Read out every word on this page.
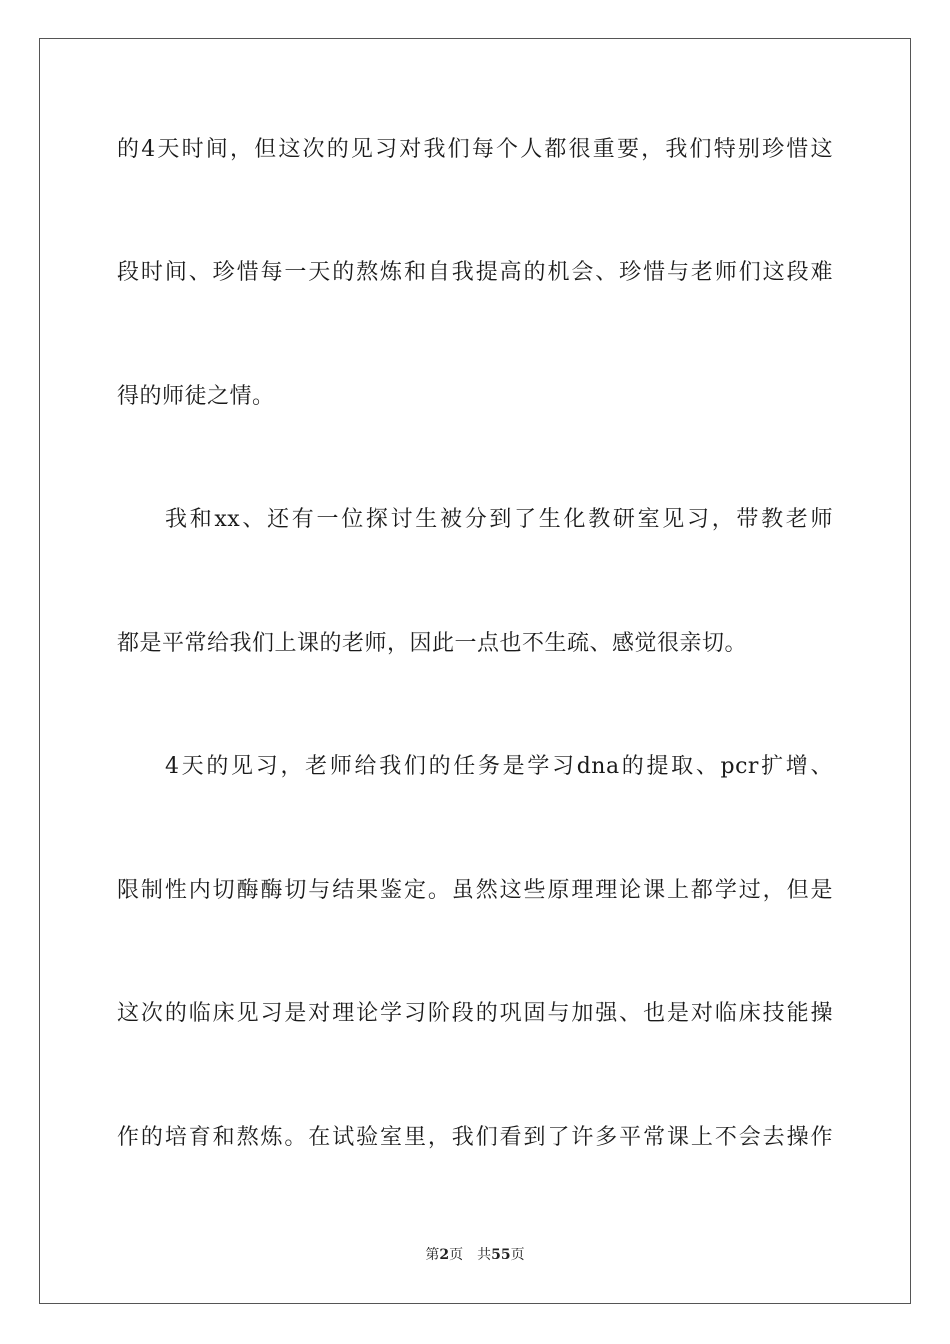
的4天时间，但这次的见习对我们每个人都很重要，我们特别珍惜这
段时间、珍惜每一天的熬炼和自我提高的机会、珍惜与老师们这段难
得的师徒之情。
我和xx、还有一位探讨生被分到了生化教研室见习，带教老师
都是平常给我们上课的老师，因此一点也不生疏、感觉很亲切。
4天的见习，老师给我们的任务是学习dna的提取、pcr扩增、
限制性内切酶酶切与结果鉴定。虽然这些原理理论课上都学过，但是
这次的临床见习是对理论学习阶段的巩固与加强、也是对临床技能操
作的培育和熬炼。在试验室里，我们看到了许多平常课上不会去操作
第2页 共55页
